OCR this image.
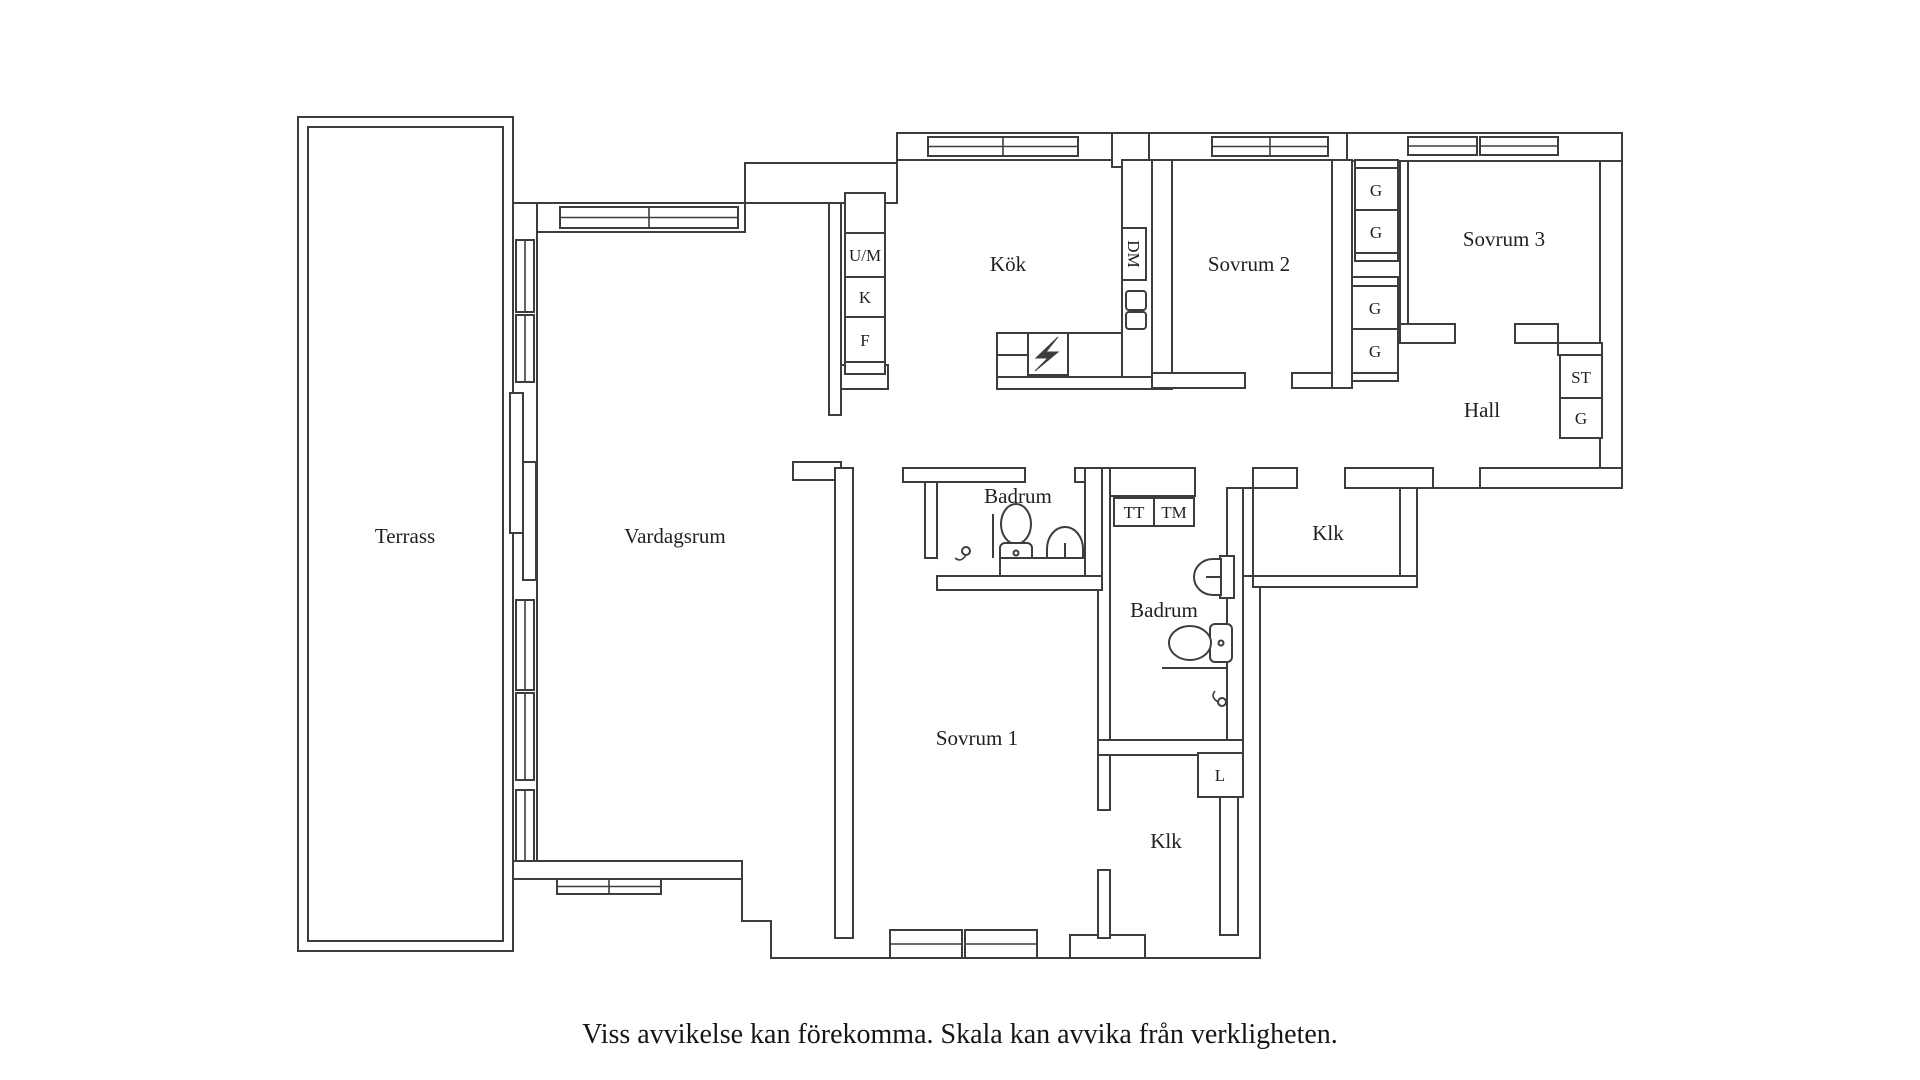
Terrass	Vardagsrum
Kök	Sovrum 2
Sovrum 3
Hall
Badrum
Badrum
Klk
Sovrum 1
Klk
U/M
K
F
DM
G
G
G
G
ST
G
TT TM
L
Viss avvikelse kan förekomma. Skala kan avvika från verkligheten.
